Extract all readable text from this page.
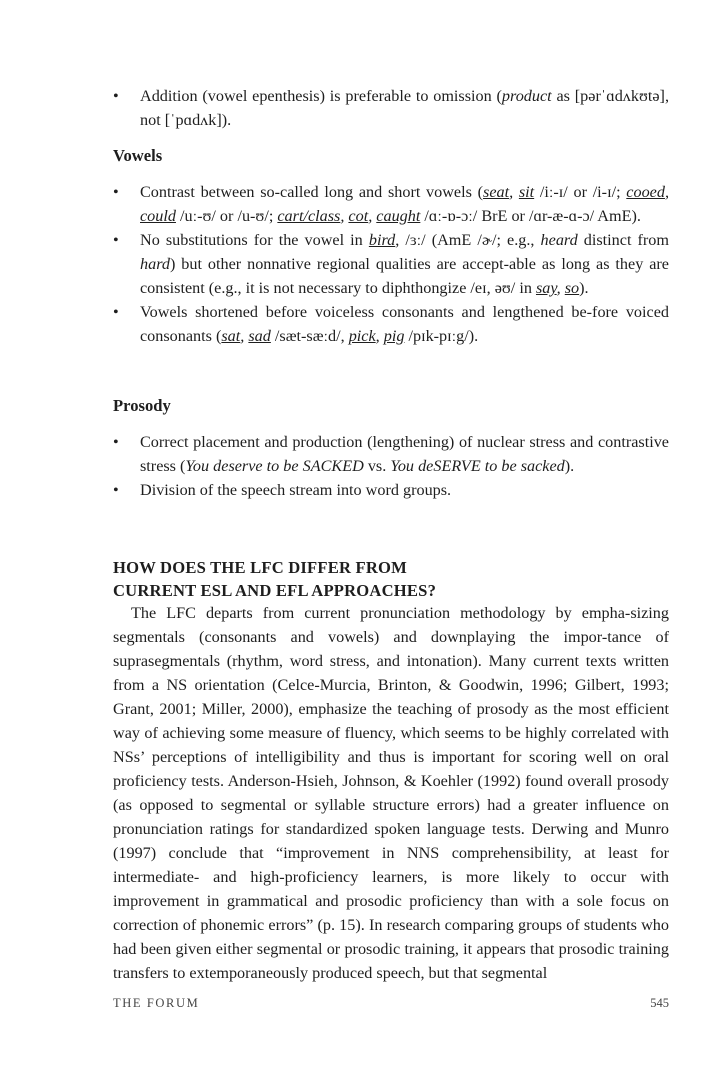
•	Addition (vowel epenthesis) is preferable to omission (product as [pərˈɑdʌkʊtə], not [ˈpɑdʌk]).
Vowels
•	Contrast between so-called long and short vowels (seat, sit /iː-ɪ/ or /i-ɪ/; cooed, could /uː-ʊ/ or /u-ʊ/; cart/class, cot, caught /ɑː-ɒ-ɔː/ BrE or /ɑr-æ-ɑ-ɔ/ AmE).
•	No substitutions for the vowel in bird, /ɜː/ (AmE /ɚ/; e.g., heard distinct from hard) but other nonnative regional qualities are accept-able as long as they are consistent (e.g., it is not necessary to diphthongize /eɪ, əʊ/ in say, so).
•	Vowels shortened before voiceless consonants and lengthened be-fore voiced consonants (sat, sad /sæt-sæːd/, pick, pig /pɪk-pɪːg/).
Prosody
•	Correct placement and production (lengthening) of nuclear stress and contrastive stress (You deserve to be SACKED vs. You deSERVE to be sacked).
•	Division of the speech stream into word groups.
HOW DOES THE LFC DIFFER FROM
CURRENT ESL AND EFL APPROACHES?
The LFC departs from current pronunciation methodology by empha-sizing segmentals (consonants and vowels) and downplaying the impor-tance of suprasegmentals (rhythm, word stress, and intonation). Many current texts written from a NS orientation (Celce-Murcia, Brinton, & Goodwin, 1996; Gilbert, 1993; Grant, 2001; Miller, 2000), emphasize the teaching of prosody as the most efficient way of achieving some measure of fluency, which seems to be highly correlated with NSs’ perceptions of intelligibility and thus is important for scoring well on oral proficiency tests. Anderson-Hsieh, Johnson, & Koehler (1992) found overall prosody (as opposed to segmental or syllable structure errors) had a greater influence on pronunciation ratings for standardized spoken language tests. Derwing and Munro (1997) conclude that “improvement in NNS comprehensibility, at least for intermediate- and high-proficiency learners, is more likely to occur with improvement in grammatical and prosodic proficiency than with a sole focus on correction of phonemic errors” (p. 15). In research comparing groups of students who had been given either segmental or prosodic training, it appears that prosodic training transfers to extemporaneously produced speech, but that segmental
THE FORUM	545
